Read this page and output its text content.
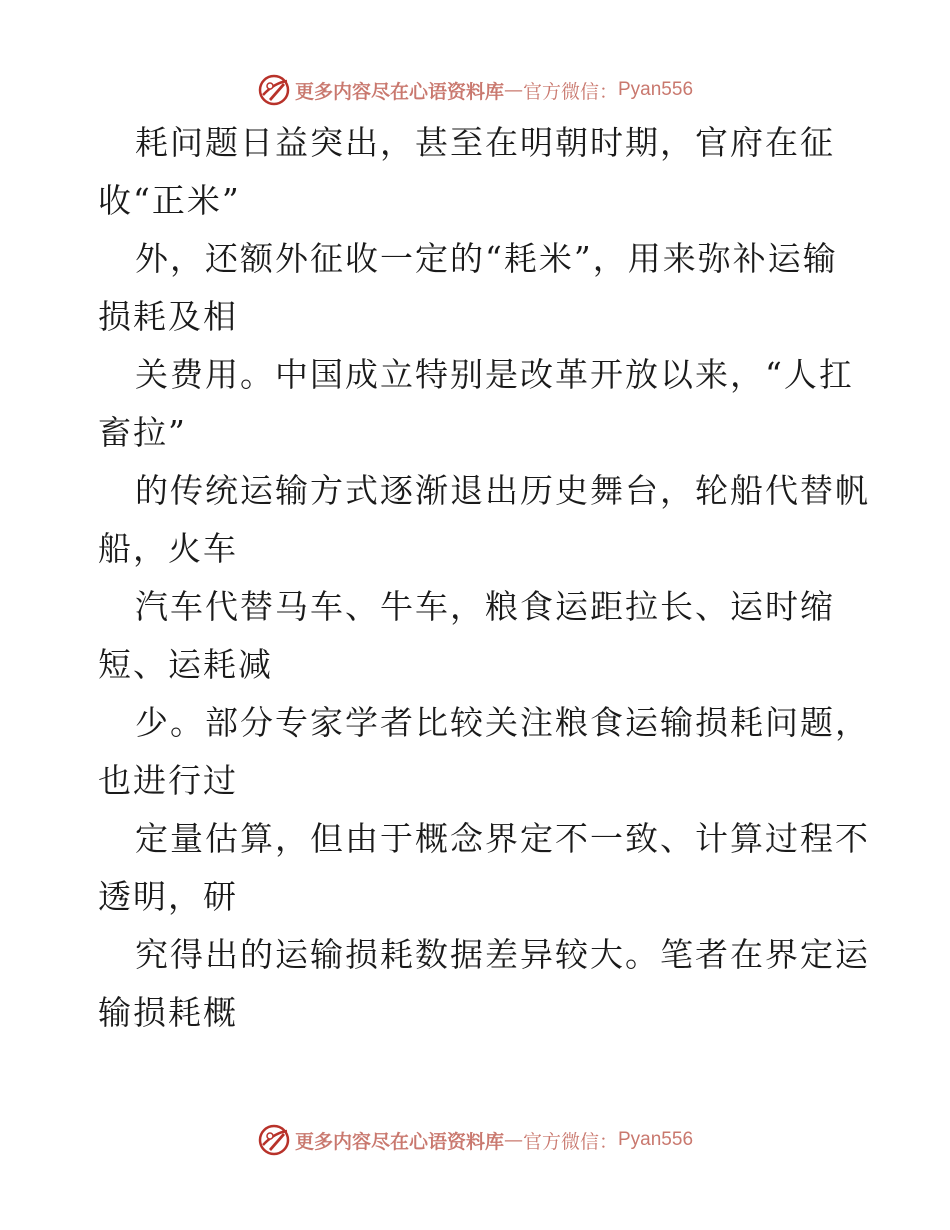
更多内容尽在心语资料库 — 官方微信： Pyan556
耗问题日益突出，甚至在明朝时期，官府在征
收“正米”
外，还额外征收一定的“耗米”，用来弥补运输
损耗及相
关费用。中国成立特别是改革开放以来，“人扛
畜拉”
的传统运输方式逐渐退出历史舞台，轮船代替帆
船，火车
汽车代替马车、牛车，粮食运距拉长、运时缩
短、运耗减
少。部分专家学者比较关注粮食运输损耗问题，
也进行过
定量估算，但由于概念界定不一致、计算过程不
透明，研
究得出的运输损耗数据差异较大。笔者在界定运
输损耗概
更多内容尽在心语资料库 — 官方微信： Pyan556
